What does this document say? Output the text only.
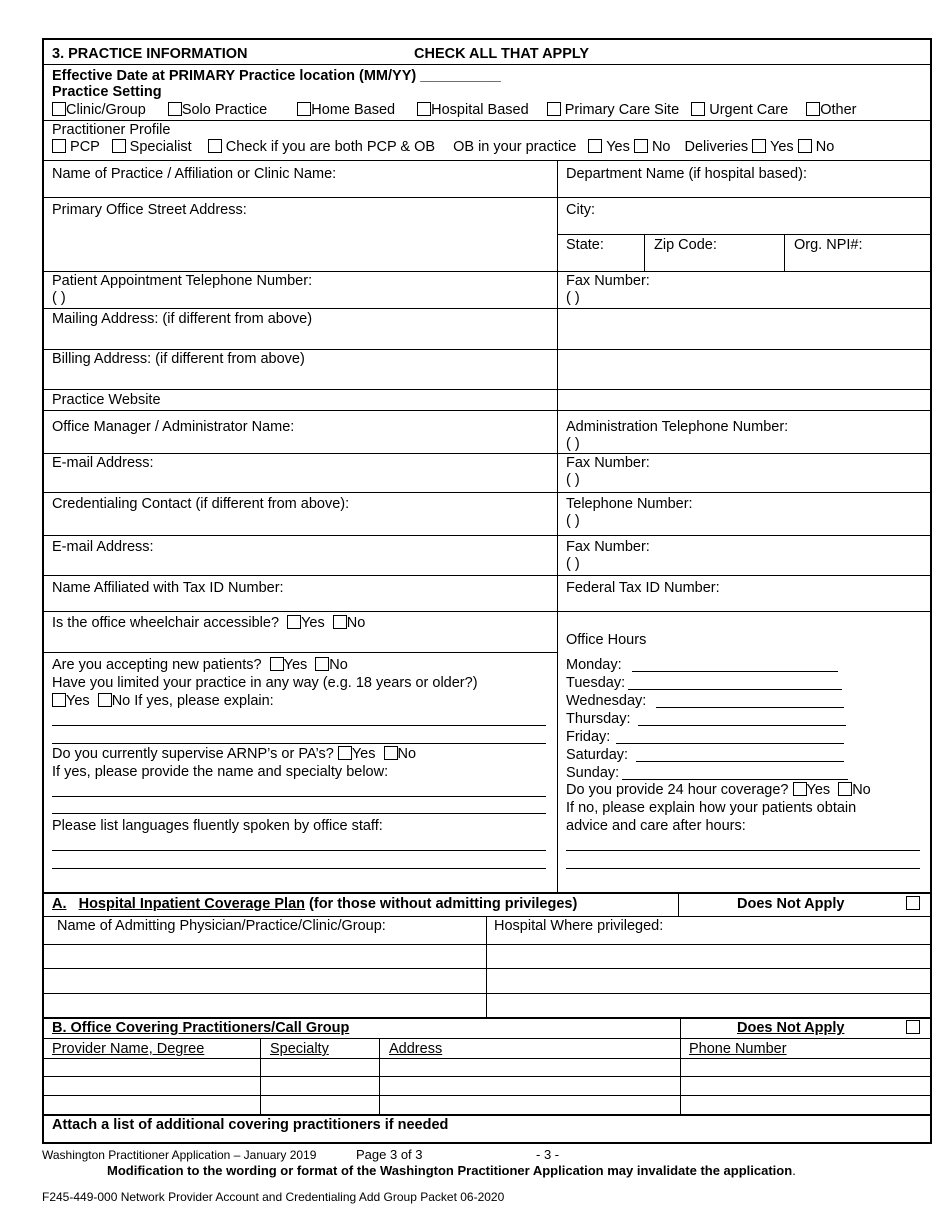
3. PRACTICE INFORMATION	CHECK ALL THAT APPLY
Effective Date at PRIMARY Practice location (MM/YY) __________
Practice Setting
Clinic/Group Solo Practice	Home Based Hospital Based Primary Care Site Urgent Care Other
Practitioner Profile
PCP Specialist Check if you are both PCP & OB OB in your practice Yes No Deliveries Yes No
Name of Practice / Affiliation or Clinic Name:	Department Name (if hospital based):
Primary Office Street Address:	City:
State:	Zip Code:	Org. NPI#:
Patient Appointment Telephone Number:
( )
Fax Number:
( )
Mailing Address: (if different from above)
Billing Address: (if different from above)
Practice Website
Office Manager / Administrator Name:	Administration Telephone Number:
( )
E-mail Address:	Fax Number:
( )
Credentialing Contact (if different from above):	Telephone Number:
( )
E-mail Address:	Fax Number:
( )
Name Affiliated with Tax ID Number:	Federal Tax ID Number:
Is the office wheelchair accessible? Yes No
Are you accepting new patients? Yes No
Have you limited your practice in any way (e.g. 18 years or older?)
Yes No If yes, please explain:
Do you currently supervise ARNP’s or PA’s? Yes No
If yes, please provide the name and specialty below:
Please list languages fluently spoken by office staff:
Office Hours
Monday:
Tuesday:
Wednesday:
Thursday:
Friday:
Saturday:
Sunday:
Do you provide 24 hour coverage? Yes No
If no, please explain how your patients obtain
advice and care after hours:
A. Hospital Inpatient Coverage Plan (for those without admitting privileges)	Does Not Apply
Name of Admitting Physician/Practice/Clinic/Group:	Hospital Where privileged:
B. Office Covering Practitioners/Call Group	Does Not Apply
Provider Name, Degree	Specialty	Address	Phone Number
Attach a list of additional covering practitioners if needed
Washington Practitioner Application – January 2019	Page 3 of 3	- 3 -
Modification to the wording or format of the Washington Practitioner Application may invalidate the application.
F245-449-000 Network Provider Account and Credentialing Add Group Packet 06-2020
